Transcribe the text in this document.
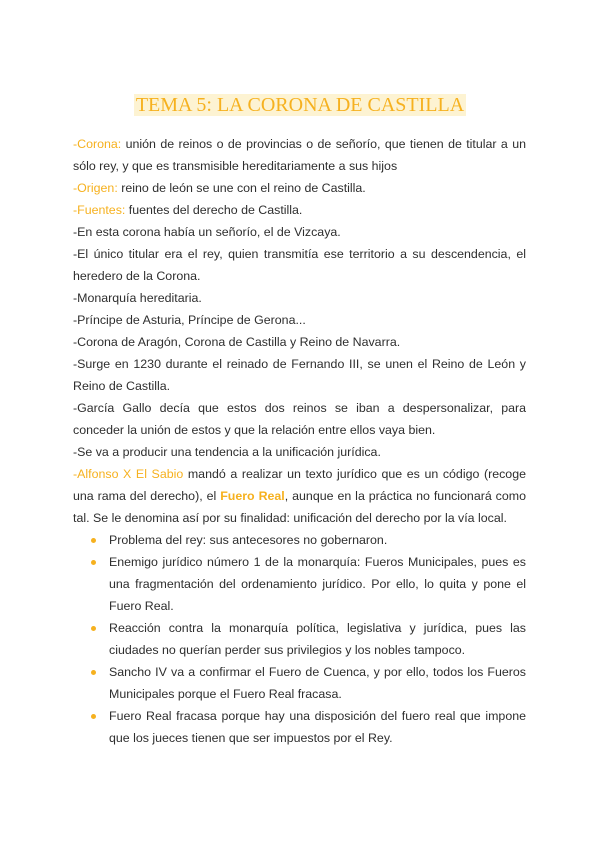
TEMA 5: LA CORONA DE CASTILLA

-Corona: unión de reinos o de provincias o de señorío, que tienen de titular a un sólo rey, y que es transmisible hereditariamente a sus hijos

-Origen: reino de león se une con el reino de Castilla.

-Fuentes: fuentes del derecho de Castilla.

-En esta corona había un señorío, el de Vizcaya.

-El único titular era el rey, quien transmitía ese territorio a su descendencia, el heredero de la Corona.

-Monarquía hereditaria.

-Príncipe de Asturia, Príncipe de Gerona...

-Corona de Aragón, Corona de Castilla y Reino de Navarra.

-Surge en 1230 durante el reinado de Fernando III, se unen el Reino de León y Reino de Castilla.

-García Gallo decía que estos dos reinos se iban a despersonalizar, para conceder la unión de estos y que la relación entre ellos vaya bien.

-Se va a producir una tendencia a la unificación jurídica.

-Alfonso X El Sabio mandó a realizar un texto jurídico que es un código (recoge una rama del derecho), el Fuero Real, aunque en la práctica no funcionará como tal. Se le denomina así por su finalidad: unificación del derecho por la vía local.

Problema del rey: sus antecesores no gobernaron.
Enemigo jurídico número 1 de la monarquía: Fueros Municipales, pues es una fragmentación del ordenamiento jurídico. Por ello, lo quita y pone el Fuero Real.
Reacción contra la monarquía política, legislativa y jurídica, pues las ciudades no querían perder sus privilegios y los nobles tampoco.
Sancho IV va a confirmar el Fuero de Cuenca, y por ello, todos los Fueros Municipales porque el Fuero Real fracasa.
Fuero Real fracasa porque hay una disposición del fuero real que impone que los jueces tienen que ser impuestos por el Rey.
